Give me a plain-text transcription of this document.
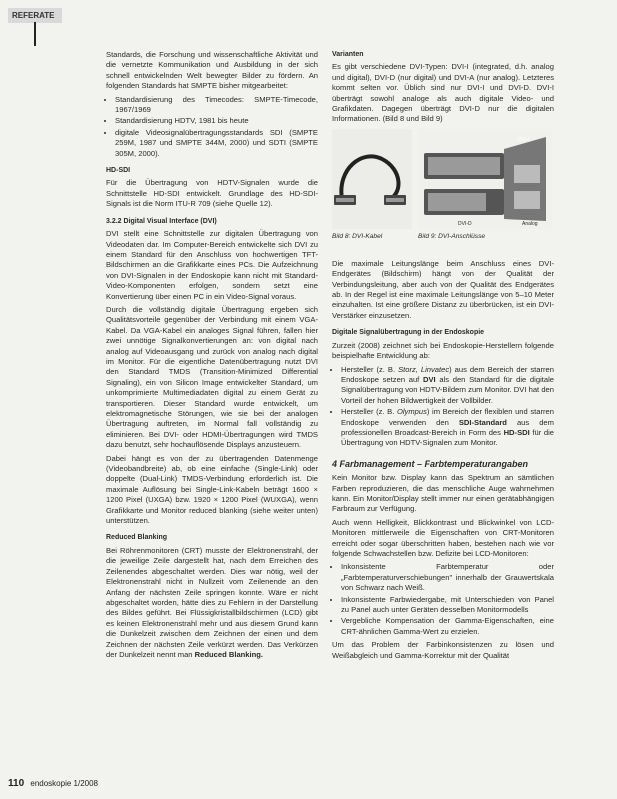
REFERATE

Standards, die Forschung und wissenschaftliche Aktivität und die vernetzte Kommunikation und Ausbildung in der sich schnell entwickelnden Welt bewegter Bilder zu fördern. An folgenden Standards hat SMPTE bisher mitgearbeitet:

• Standardisierung des Timecodes: SMPTE-Timecode, 1967/1969
• Standardisierung HDTV, 1981 bis heute
• digitale Videosignalübertragungsstandards SDI (SMPTE 259M, 1987 und SMPTE 344M, 2000) und SDTI (SMPTE 305M, 2000).
HD-SDI

Für die Übertragung von HDTV-Signalen wurde die Schnittstelle HD-SDI entwickelt. Grundlage des HD-SDI-Signals ist die Norm ITU-R 709 (siehe Quelle 12).

3.2.2 Digital Visual Interface (DVI)

DVI stellt eine Schnittstelle zur digitalen Übertragung von Videodaten dar. Im Computer-Bereich entwickelte sich DVI zu einem Standard für den Anschluss von hochwertigen TFT-Bildschirmen an die Grafikkarte eines PCs. Die Aufzeichnung von DVI-Signalen in der Endoskopie kann nicht mit Standard-Video-Komponenten erfolgen, sondern setzt eine Konvertierung über einen PC in ein Video-Signal voraus.

Durch die vollständig digitale Übertragung ergeben sich Qualitätsvorteile gegenüber der Verbindung mit einem VGA-Kabel. Da VGA-Kabel ein analoges Signal führen, fallen hier zwei unnötige Signalkonvertierungen an: von digital nach analog auf Videoausgang und zurück von analog nach digital im Monitor. Für die eigentliche Datenübertragung nutzt DVI den Standard TMDS (Transition-Minimized Differential Signaling), ein von Silicon Image entwickelter Standard, um unkomprimierte Multimediadaten digital zu einem Gerät zu transportieren. Dieser Standard wurde entwickelt, um elektromagnetische Störungen, wie sie bei der analogen Übertragung auftreten, im Normal fall vollständig zu eliminieren. Bei DVI- oder HDMI-Übertragungen wird TMDS dazu benutzt, sehr hochauflösende Displays anzusteuern.

Dabei hängt es von der zu übertragenden Datenmenge (Videobandbreite) ab, ob eine einfache (Single-Link) oder doppelte (Dual-Link) TMDS-Verbindung erforderlich ist. Die maximale Auflösung bei Single-Link-Kabeln beträgt 1600 × 1200 Pixel (UXGA) bzw. 1920 × 1200 Pixel (WUXGA), wenn Grafikkarte und Monitor reduced blanking (siehe weiter unten) unterstützen.

Reduced Blanking

Bei Röhrenmonitoren (CRT) musste der Elektronenstrahl, der die jeweilige Zeile dargestellt hat, nach dem Erreichen des Zeilenendes abgeschaltet werden. Dies war nötig, weil der Elektronenstrahl nicht in Nullzeit vom Zeilenende an den Anfang der nächsten Zeile springen konnte. Wäre er nicht abgeschaltet worden, hätte dies zu Fehlern in der Darstellung des Bildes geführt. Bei Flüssigkristallbildschirmen (LCD) gibt es keinen Elektronenstrahl mehr und aus diesem Grund kann die Dunkelzeit zwischen dem Zeichnen der einen und dem Zeichnen der nächsten Zeile verkürzt werden. Das Verkürzen der Dunkelzeit nennt man Reduced Blanking.

Varianten

Es gibt verschiedene DVI-Typen: DVI-I (integrated, d.h. analog und digital), DVI-D (nur digital) und DVI-A (nur analog). Letzteres kommt selten vor. Üblich sind nur DVI-I und DVI-D. DVI-I überträgt sowohl analoge als auch digitale Video- und Grafikdaten. Dagegen überträgt DVI-D nur die digitalen Informationen. (Bild 8 und Bild 9)

DVI-I
DVI-D	Analog
Bild 8: DVI-Kabel	Bild 9: DVI-Anschlüsse

Die maximale Leitungslänge beim Anschluss eines DVI-Endgerätes (Bildschirm) hängt von der Qualität der Verbindungsleitung, aber auch von der Qualität des Endgerätes ab. In der Regel ist eine maximale Leitungslänge von 5–10 Meter einzuhalten. Ist eine größere Distanz zu überbrücken, ist ein DVI-Verstärker einzusetzen.

Digitale Signalübertragung in der Endoskopie

Zurzeit (2008) zeichnet sich bei Endoskopie-Herstellern folgende beispielhafte Entwicklung ab:

• Hersteller (z. B. Storz, Linvatec) aus dem Bereich der starren Endoskope setzen auf DVI als den Standard für die digitale Signalübertragung von HDTV-Bildern zum Monitor. DVI hat den Vorteil der hohen Bildwertigkeit der Vollbilder.
• Hersteller (z. B. Olympus) im Bereich der flexiblen und starren Endoskope verwenden den SDI-Standard aus dem professionellen Broadcast-Bereich in Form des HD-SDI für die Übertragung von HDTV-Signalen zum Monitor.
4 Farbmanagement – Farbtemperaturangaben

Kein Monitor bzw. Display kann das Spektrum an sämtlichen Farben reproduzieren, die das menschliche Auge wahrnehmen kann. Ein Monitor/Display stellt immer nur einen gerätabhängigen Farbraum zur Verfügung.

Auch wenn Helligkeit, Blickkontrast und Blickwinkel von LCD-Monitoren mittlerweile die Eigenschaften von CRT-Monitoren erreicht oder sogar überschritten haben, bestehen nach wie vor folgende Schwachstellen bzw. Defizite bei LCD-Monitoren:

• Inkonsistente Farbtemperatur oder „Farbtemperaturverschiebungen" innerhalb der Grauwertskala von Schwarz nach Weiß.
• Inkonsistente Farbwiedergabe, mit Unterschieden von Panel zu Panel auch unter Geräten desselben Monitormodells
• Vergebliche Kompensation der Gamma-Eigenschaften, eine CRT-ähnlichen Gamma-Wert zu erzielen.

Um das Problem der Farbinkonsistenzen zu lösen und Weißabgleich und Gamma-Korrektur mit der Qualität

110 endoskopie 1/2008
